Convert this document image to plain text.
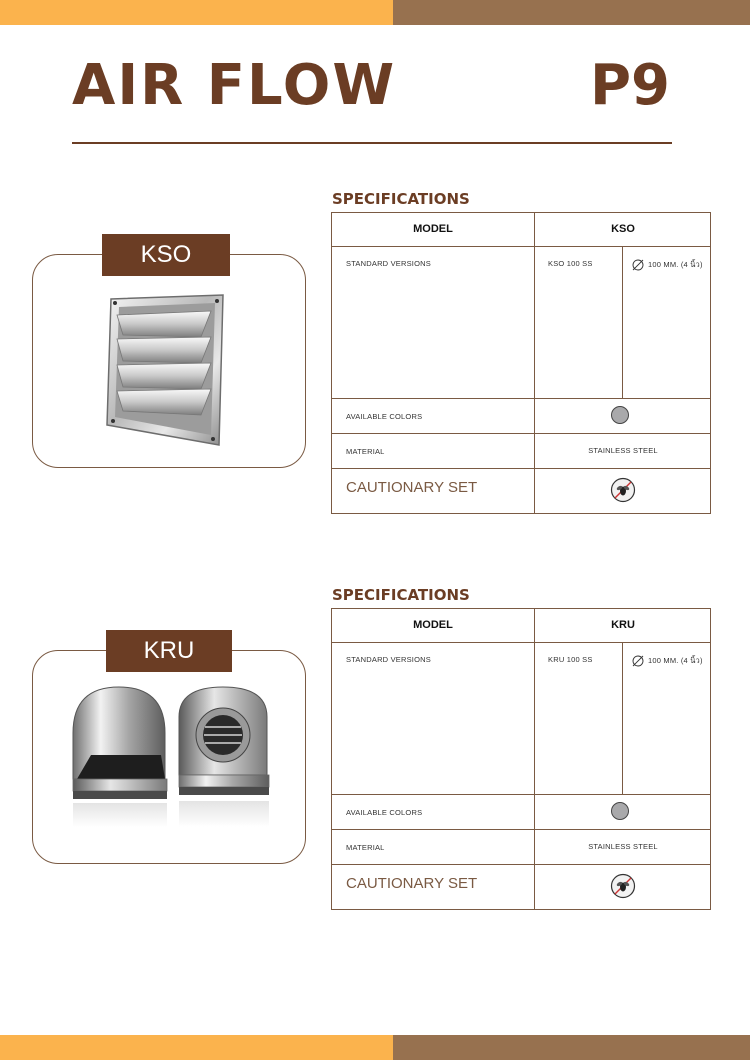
AIR FLOW	P9
KSO
SPECIFICATIONS
MODEL	KSO
STANDARD VERSIONS	KSO 100 SS	100 MM. (4 นิ้ว)
AVAILABLE COLORS
MATERIAL	STAINLESS STEEL
CAUTIONARY SET
KRU
SPECIFICATIONS
MODEL	KRU
STANDARD VERSIONS	KRU 100 SS	100 MM. (4 นิ้ว)
AVAILABLE COLORS
MATERIAL	STAINLESS STEEL
CAUTIONARY SET
